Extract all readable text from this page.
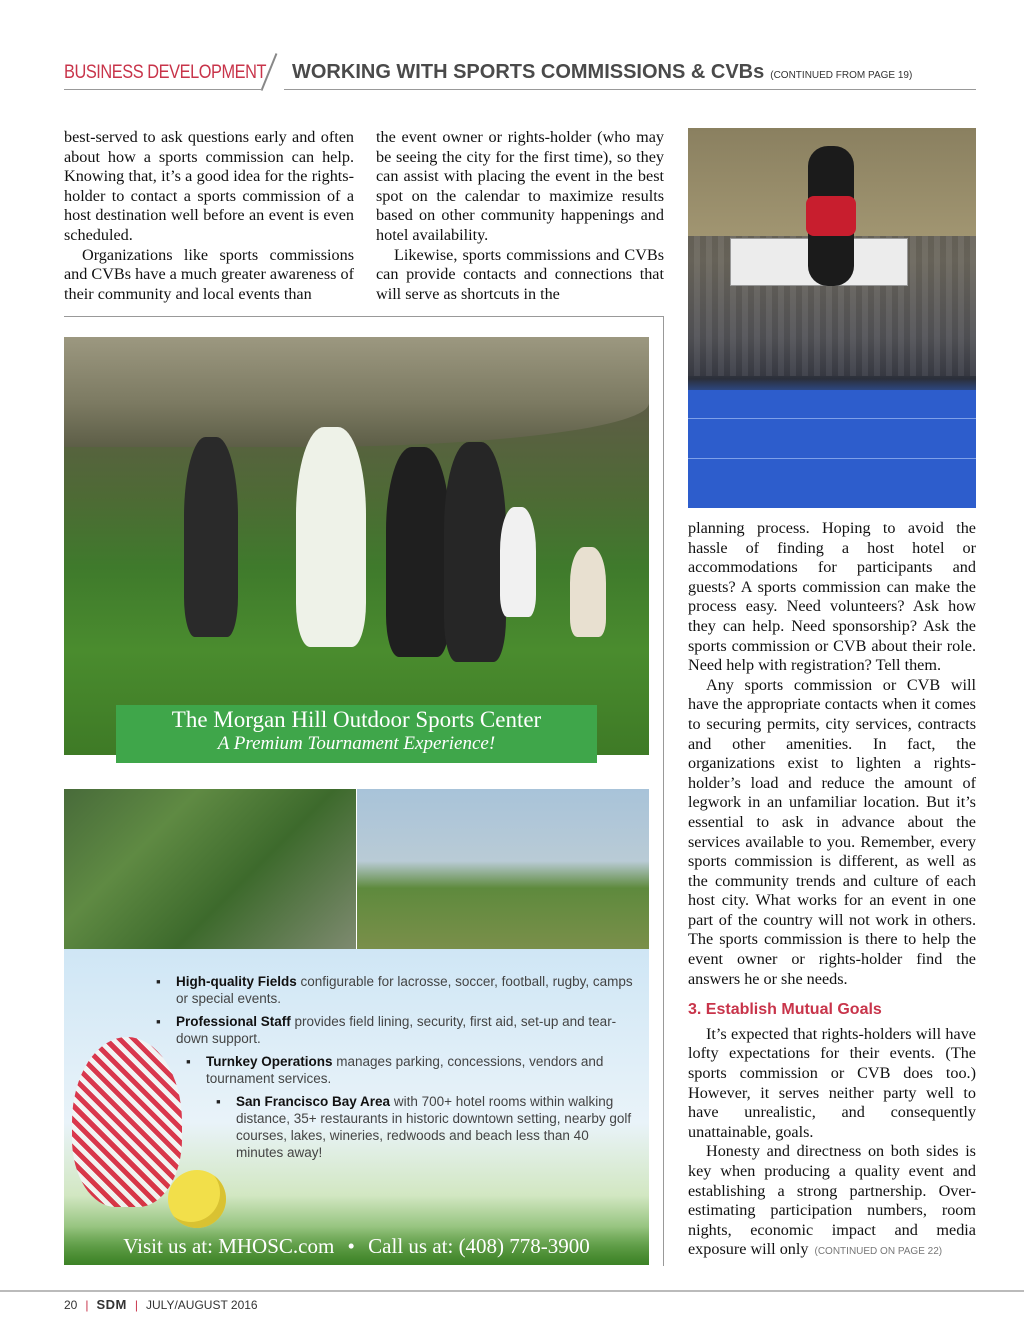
BUSINESS DEVELOPMENT WORKING WITH SPORTS COMMISSIONS & CVBs (CONTINUED FROM PAGE 19)

best-served to ask questions early and often about how a sports commission can help. Knowing that, it’s a good idea for the rights-holder to contact a sports commission of a host destination well before an event is even scheduled.

Organizations like sports commissions and CVBs have a much greater awareness of their community and local events than

the event owner or rights-holder (who may be seeing the city for the first time), so they can assist with placing the event in the best spot on the calendar to maximize results based on other community happenings and hotel availability.

Likewise, sports commissions and CVBs can provide contacts and connections that will serve as shortcuts in the

planning process. Hoping to avoid the hassle of finding a host hotel or accommodations for participants and guests? A sports commission can make the process easy. Need volunteers? Ask how they can help. Need sponsorship? Ask the sports commission or CVB about their role. Need help with registration? Tell them.

Any sports commission or CVB will have the appropriate contacts when it comes to securing permits, city services, contracts and other amenities. In fact, the organizations exist to lighten a rights-holder’s load and reduce the amount of legwork in an unfamiliar location. But it’s essential to ask in advance about the services available to you. Remember, every sports commission is different, as well as the community trends and culture of each host city. What works for an event in one part of the country will not work in others. The sports commission is there to help the event owner or rights-holder find the answers he or she needs.

3. Establish Mutual Goals

It’s expected that rights-holders will have lofty expectations for their events. (The sports commission or CVB does too.) However, it serves neither party well to have unrealistic, and consequently unattainable, goals.

Honesty and directness on both sides is key when producing a quality event and establishing a strong partnership. Over-estimating participation numbers, room nights, economic impact and media exposure will only (CONTINUED ON PAGE 22)

The Morgan Hill Outdoor Sports Center
A Premium Tournament Experience!
▪ High-quality Fields configurable for lacrosse, soccer, football, rugby, camps or special events.
▪ Professional Staff provides field lining, security, first aid, set-up and tear-down support.
▪ Turnkey Operations manages parking, concessions, vendors and tournament services.
▪ San Francisco Bay Area with 700+ hotel rooms within walking distance, 35+ restaurants in historic downtown setting, nearby golf courses, lakes, wineries, redwoods and beach less than 40 minutes away!
Visit us at: MHOSC.com • Call us at: (408) 778-3900
20 | SDM | JULY/AUGUST 2016
